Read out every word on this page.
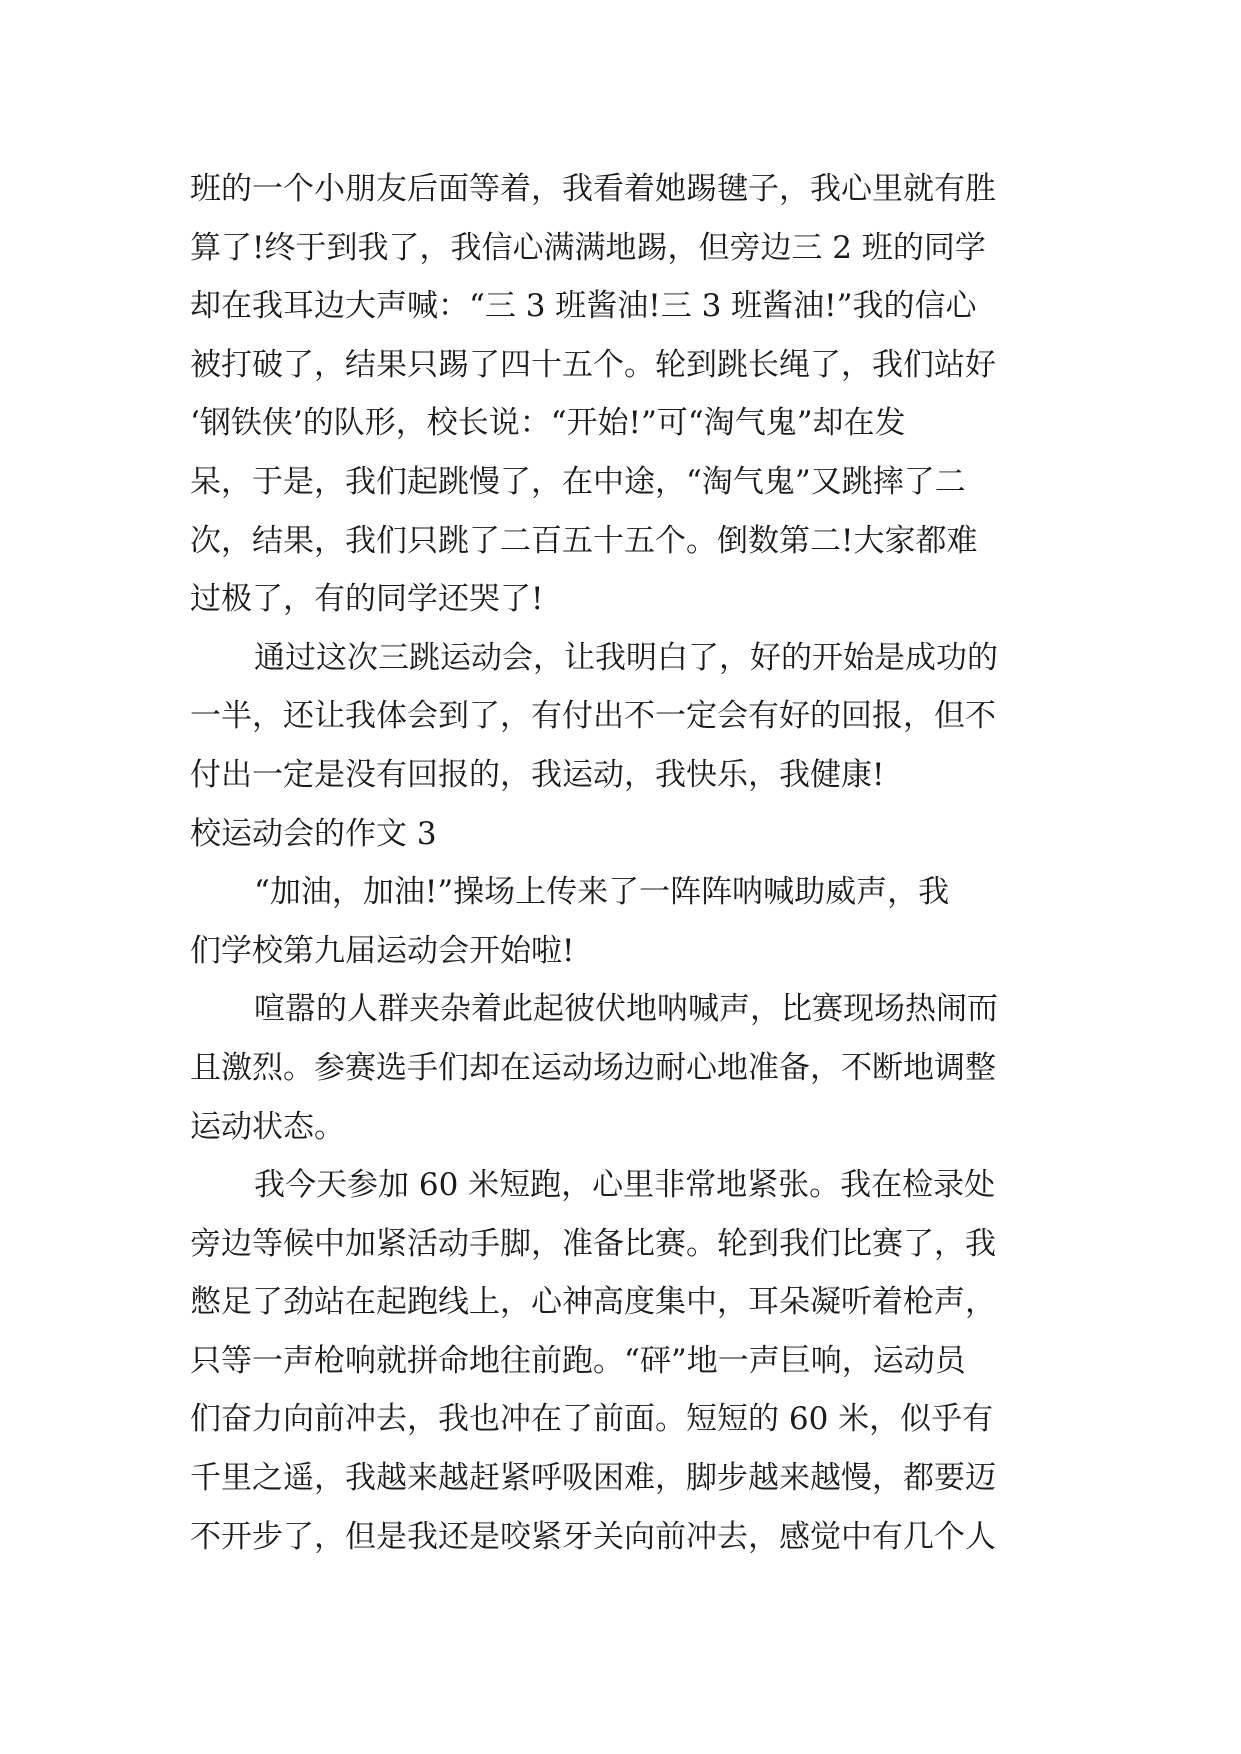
班的一个小朋友后面等着，我看着她踢毽子，我心里就有胜
算了!终于到我了，我信心满满地踢，但旁边三 2 班的同学
却在我耳边大声喊：“三 3 班酱油!三 3 班酱油!”我的信心
被打破了，结果只踢了四十五个。轮到跳长绳了，我们站好
‘钢铁侠’的队形，校长说：“开始!”可“淘气鬼”却在发
呆，于是，我们起跳慢了，在中途，“淘气鬼”又跳摔了二
次，结果，我们只跳了二百五十五个。倒数第二!大家都难
过极了，有的同学还哭了!
通过这次三跳运动会，让我明白了，好的开始是成功的
一半，还让我体会到了，有付出不一定会有好的回报，但不
付出一定是没有回报的，我运动，我快乐，我健康!
校运动会的作文 3
“加油，加油!”操场上传来了一阵阵呐喊助威声，我
们学校第九届运动会开始啦!
喧嚣的人群夹杂着此起彼伏地呐喊声，比赛现场热闹而
且激烈。参赛选手们却在运动场边耐心地准备，不断地调整
运动状态。
我今天参加 60 米短跑，心里非常地紧张。我在检录处
旁边等候中加紧活动手脚，准备比赛。轮到我们比赛了，我
憋足了劲站在起跑线上，心神高度集中，耳朵凝听着枪声，
只等一声枪响就拼命地往前跑。“砰”地一声巨响，运动员
们奋力向前冲去，我也冲在了前面。短短的 60 米，似乎有
千里之遥，我越来越赶紧呼吸困难，脚步越来越慢，都要迈
不开步了，但是我还是咬紧牙关向前冲去，感觉中有几个人
